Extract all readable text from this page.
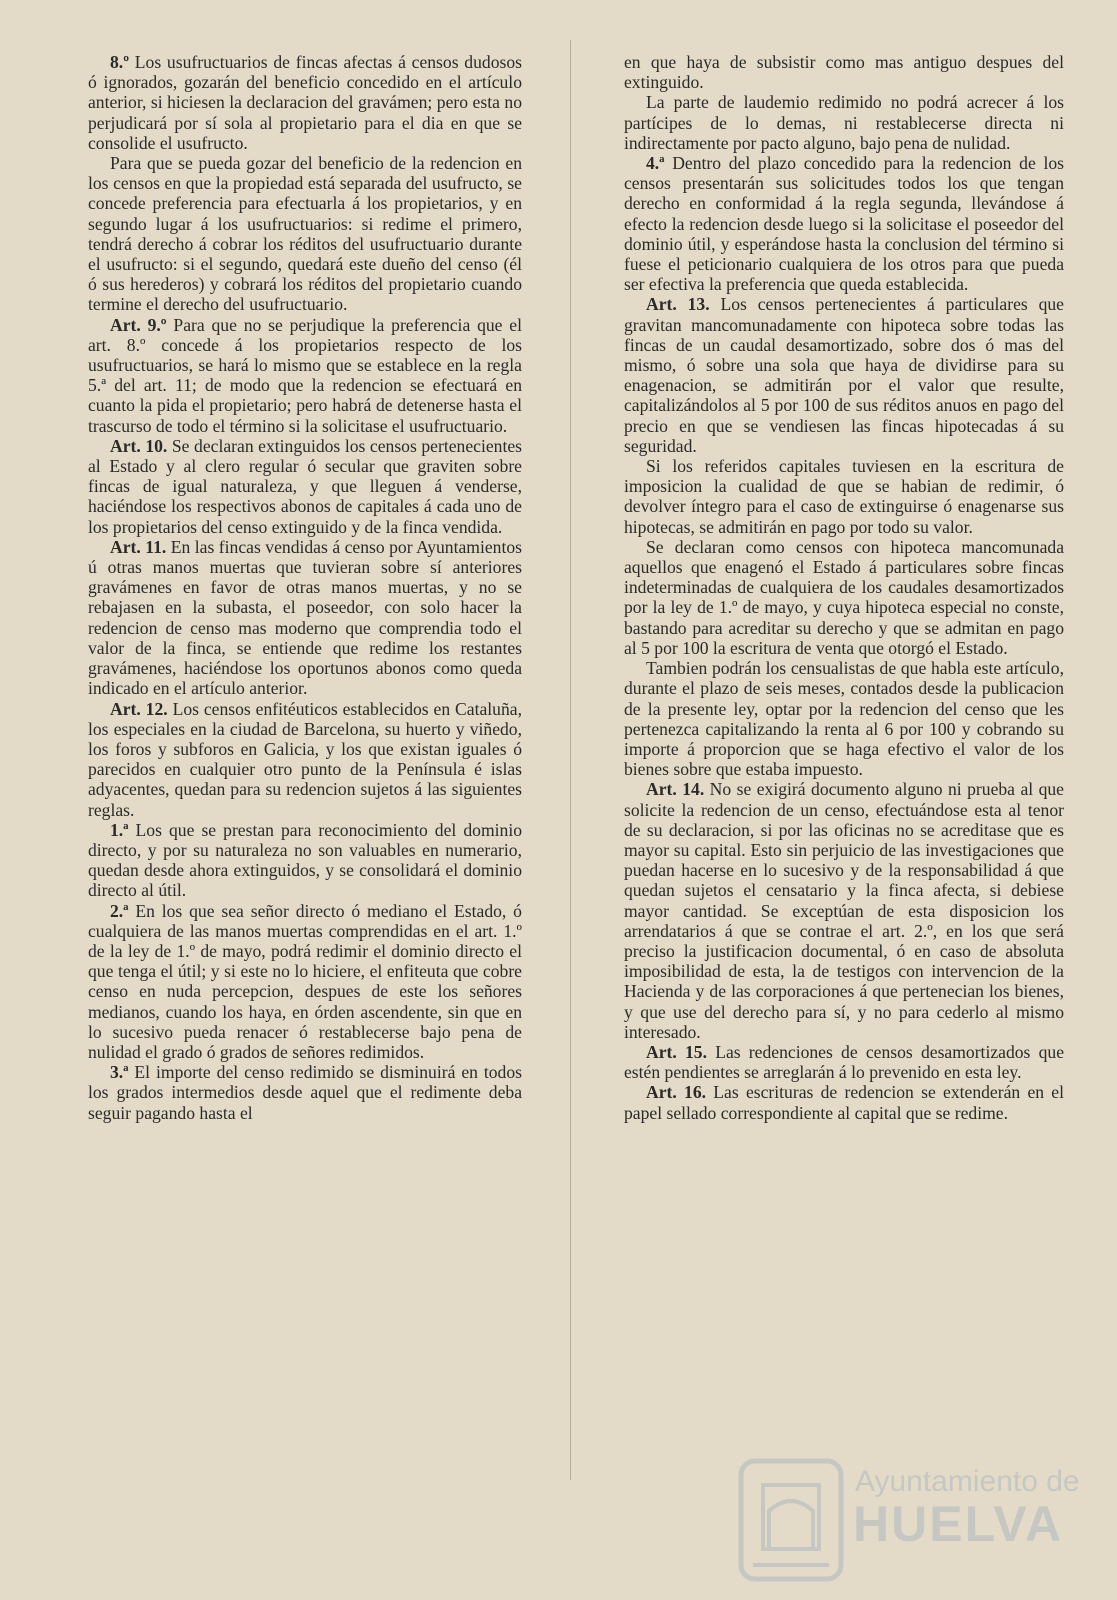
8.º Los usufructuarios de fincas afectas á censos dudosos ó ignorados, gozarán del beneficio concedido en el artículo anterior, si hiciesen la declaracion del gravámen; pero esta no perjudicará por sí sola al propietario para el dia en que se consolide el usufructo.

Para que se pueda gozar del beneficio de la redencion en los censos en que la propiedad está separada del usufructo, se concede preferencia para efectuarla á los propietarios, y en segundo lugar á los usufructuarios: si redime el primero, tendrá derecho á cobrar los réditos del usufructuario durante el usufructo: si el segundo, quedará este dueño del censo (él ó sus herederos) y cobrará los réditos del propietario cuando termine el derecho del usufructuario.

Art. 9.º Para que no se perjudique la preferencia que el art. 8.º concede á los propietarios respecto de los usufructuarios, se hará lo mismo que se establece en la regla 5.ª del art. 11; de modo que la redencion se efectuará en cuanto la pida el propietario; pero habrá de detenerse hasta el trascurso de todo el término si la solicitase el usufructuario.

Art. 10. Se declaran extinguidos los censos pertenecientes al Estado y al clero regular ó secular que graviten sobre fincas de igual naturaleza, y que lleguen á venderse, haciéndose los respectivos abonos de capitales á cada uno de los propietarios del censo extinguido y de la finca vendida.

Art. 11. En las fincas vendidas á censo por Ayuntamientos ú otras manos muertas que tuvieran sobre sí anteriores gravámenes en favor de otras manos muertas, y no se rebajasen en la subasta, el poseedor, con solo hacer la redencion de censo mas moderno que comprendia todo el valor de la finca, se entiende que redime los restantes gravámenes, haciéndose los oportunos abonos como queda indicado en el artículo anterior.

Art. 12. Los censos enfitéuticos establecidos en Cataluña, los especiales en la ciudad de Barcelona, su huerto y viñedo, los foros y subforos en Galicia, y los que existan iguales ó parecidos en cualquier otro punto de la Península é islas adyacentes, quedan para su redencion sujetos á las siguientes reglas.

1.ª Los que se prestan para reconocimiento del dominio directo, y por su naturaleza no son valuables en numerario, quedan desde ahora extinguidos, y se consolidará el dominio directo al útil.

2.ª En los que sea señor directo ó mediano el Estado, ó cualquiera de las manos muertas comprendidas en el art. 1.º de la ley de 1.º de mayo, podrá redimir el dominio directo el que tenga el útil; y si este no lo hiciere, el enfiteuta que cobre censo en nuda percepcion, despues de este los señores medianos, cuando los haya, en órden ascendente, sin que en lo sucesivo pueda renacer ó restablecerse bajo pena de nulidad el grado ó grados de señores redimidos.

3.ª El importe del censo redimido se disminuirá en todos los grados intermedios desde aquel que el redimente deba seguir pagando hasta el

en que haya de subsistir como mas antiguo despues del extinguido.

La parte de laudemio redimido no podrá acrecer á los partícipes de lo demas, ni restablecerse directa ni indirectamente por pacto alguno, bajo pena de nulidad.

4.ª Dentro del plazo concedido para la redencion de los censos presentarán sus solicitudes todos los que tengan derecho en conformidad á la regla segunda, llevándose á efecto la redencion desde luego si la solicitase el poseedor del dominio útil, y esperándose hasta la conclusion del término si fuese el peticionario cualquiera de los otros para que pueda ser efectiva la preferencia que queda establecida.

Art. 13. Los censos pertenecientes á particulares que gravitan mancomunadamente con hipoteca sobre todas las fincas de un caudal desamortizado, sobre dos ó mas del mismo, ó sobre una sola que haya de dividirse para su enagenacion, se admitirán por el valor que resulte, capitalizándolos al 5 por 100 de sus réditos anuos en pago del precio en que se vendiesen las fincas hipotecadas á su seguridad.

Si los referidos capitales tuviesen en la escritura de imposicion la cualidad de que se habian de redimir, ó devolver íntegro para el caso de extinguirse ó enagenarse sus hipotecas, se admitirán en pago por todo su valor.

Se declaran como censos con hipoteca mancomunada aquellos que enagenó el Estado á particulares sobre fincas indeterminadas de cualquiera de los caudales desamortizados por la ley de 1.º de mayo, y cuya hipoteca especial no conste, bastando para acreditar su derecho y que se admitan en pago al 5 por 100 la escritura de venta que otorgó el Estado.

Tambien podrán los censualistas de que habla este artículo, durante el plazo de seis meses, contados desde la publicacion de la presente ley, optar por la redencion del censo que les pertenezca capitalizando la renta al 6 por 100 y cobrando su importe á proporcion que se haga efectivo el valor de los bienes sobre que estaba impuesto.

Art. 14. No se exigirá documento alguno ni prueba al que solicite la redencion de un censo, efectuándose esta al tenor de su declaracion, si por las oficinas no se acreditase que es mayor su capital. Esto sin perjuicio de las investigaciones que puedan hacerse en lo sucesivo y de la responsabilidad á que quedan sujetos el censatario y la finca afecta, si debiese mayor cantidad. Se exceptúan de esta disposicion los arrendatarios á que se contrae el art. 2.º, en los que será preciso la justificacion documental, ó en caso de absoluta imposibilidad de esta, la de testigos con intervencion de la Hacienda y de las corporaciones á que pertenecian los bienes, y que use del derecho para sí, y no para cederlo al mismo interesado.

Art. 15. Las redenciones de censos desamortizados que estén pendientes se arreglarán á lo prevenido en esta ley.

Art. 16. Las escrituras de redencion se extenderán en el papel sellado correspondiente al capital que se redime.

Ayuntamiento de
HUELVA
